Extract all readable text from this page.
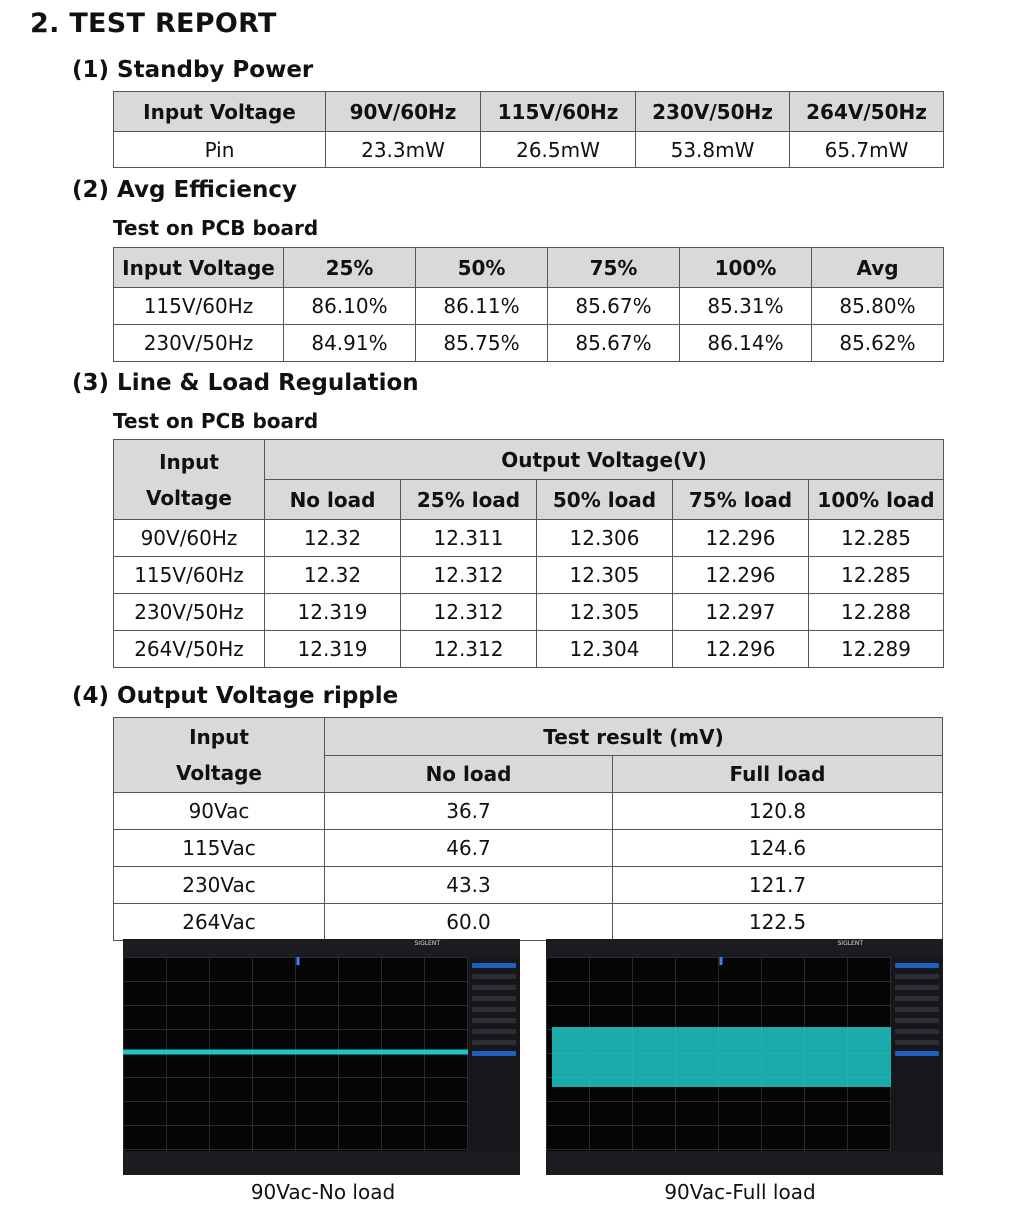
2. TEST REPORT

(1) Standby Power

Input Voltage	90V/60Hz	115V/60Hz	230V/50Hz	264V/50Hz
Pin	23.3mW	26.5mW	53.8mW	65.7mW

(2) Avg Efficiency

Test on PCB board

Input Voltage	25%	50%	75%	100%	Avg
115V/60Hz	86.10%	86.11%	85.67%	85.31%	85.80%
230V/50Hz	84.91%	85.75%	85.67%	86.14%	85.62%

(3) Line & Load Regulation

Test on PCB board

Input
Voltage	Output Voltage(V)				
	No load	25% load	50% load	75% load	100% load
90V/60Hz	12.32	12.311	12.306	12.296	12.285
115V/60Hz	12.32	12.312	12.305	12.296	12.285
230V/50Hz	12.319	12.312	12.305	12.297	12.288
264V/50Hz	12.319	12.312	12.304	12.296	12.289

(4) Output Voltage ripple

Input
Voltage	Test result (mV)	
	No load	Full load
90Vac	36.7	120.8
115Vac	46.7	124.6
230Vac	43.3	121.7
264Vac	60.0	122.5
SIGLENT	SIGLENT
90Vac-No load	90Vac-Full load
